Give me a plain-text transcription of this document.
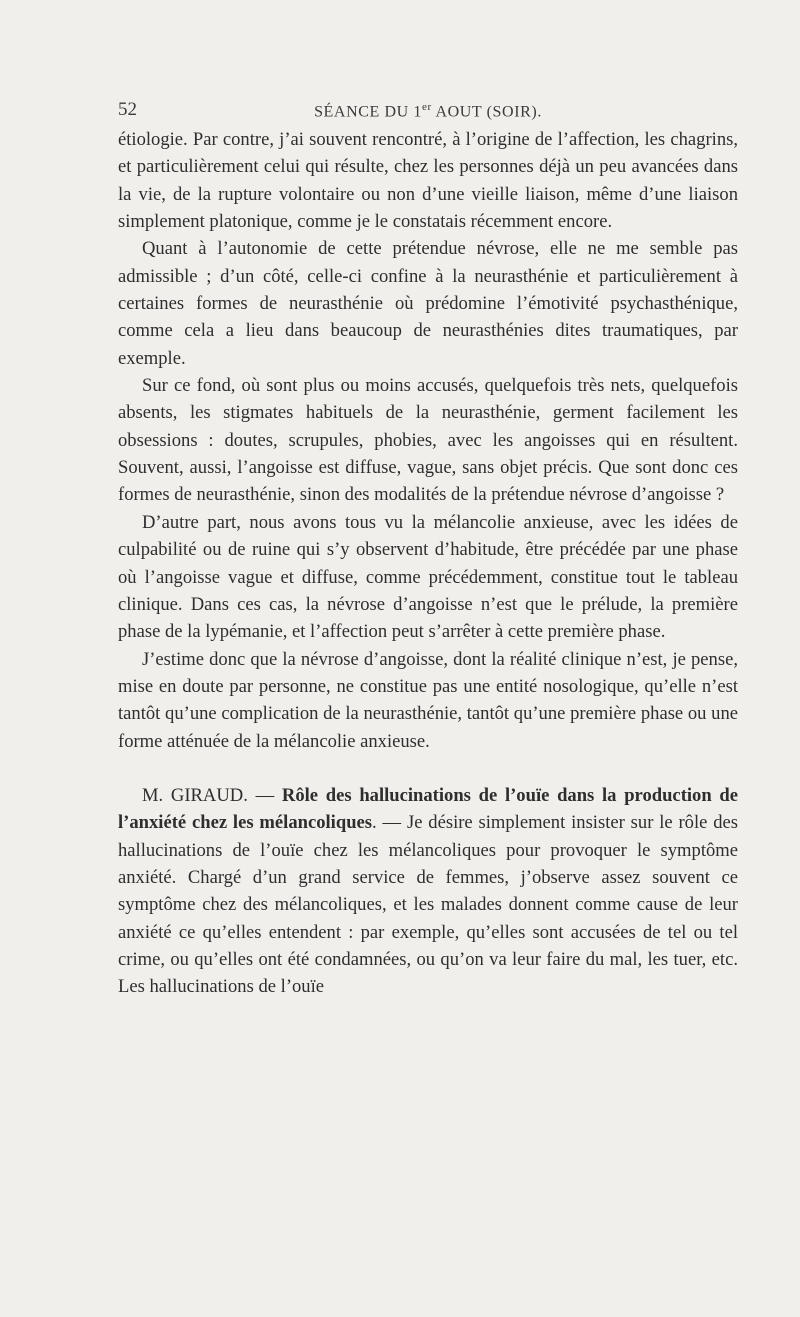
52	SÉANCE DU 1er AOUT (SOIR).

étiologie. Par contre, j’ai souvent rencontré, à l’origine de l’affection, les chagrins, et particulièrement celui qui résulte, chez les personnes déjà un peu avancées dans la vie, de la rupture volontaire ou non d’une vieille liaison, même d’une liaison simplement platonique, comme je le constatais récemment encore.

Quant à l’autonomie de cette prétendue névrose, elle ne me semble pas admissible ; d’un côté, celle-ci confine à la neurasthénie et particulièrement à certaines formes de neurasthénie où prédomine l’émotivité psychasthénique, comme cela a lieu dans beaucoup de neurasthénies dites traumatiques, par exemple.

Sur ce fond, où sont plus ou moins accusés, quelquefois très nets, quelquefois absents, les stigmates habituels de la neurasthénie, germent facilement les obsessions : doutes, scrupules, phobies, avec les angoisses qui en résultent. Souvent, aussi, l’angoisse est diffuse, vague, sans objet précis. Que sont donc ces formes de neurasthénie, sinon des modalités de la prétendue névrose d’angoisse ?

D’autre part, nous avons tous vu la mélancolie anxieuse, avec les idées de culpabilité ou de ruine qui s’y observent d’habitude, être précédée par une phase où l’angoisse vague et diffuse, comme précédemment, constitue tout le tableau clinique. Dans ces cas, la névrose d’angoisse n’est que le prélude, la première phase de la lypémanie, et l’affection peut s’arrêter à cette première phase.

J’estime donc que la névrose d’angoisse, dont la réalité clinique n’est, je pense, mise en doute par personne, ne constitue pas une entité nosologique, qu’elle n’est tantôt qu’une complication de la neurasthénie, tantôt qu’une première phase ou une forme atténuée de la mélancolie anxieuse.

M. GIRAUD. — Rôle des hallucinations de l’ouïe dans la production de l’anxiété chez les mélancoliques. — Je désire simplement insister sur le rôle des hallucinations de l’ouïe chez les mélancoliques pour provoquer le symptôme anxiété. Chargé d’un grand service de femmes, j’observe assez souvent ce symptôme chez des mélancoliques, et les malades donnent comme cause de leur anxiété ce qu’elles entendent : par exemple, qu’elles sont accusées de tel ou tel crime, ou qu’elles ont été condamnées, ou qu’on va leur faire du mal, les tuer, etc. Les hallucinations de l’ouïe
